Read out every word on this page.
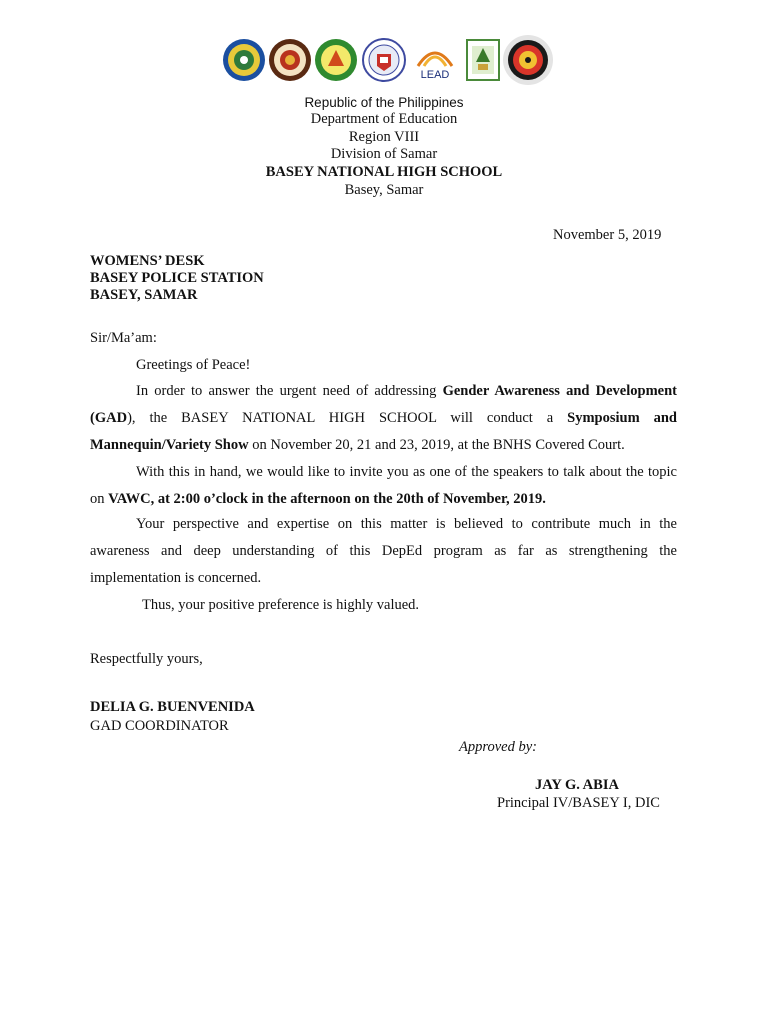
LEAD
Republic of the Philippines
Department of Education
Region VIII
Division of Samar
BASEY NATIONAL HIGH SCHOOL
Basey, Samar
November 5, 2019
WOMENS’ DESK
BASEY POLICE STATION
BASEY, SAMAR
Sir/Ma’am:
Greetings of Peace!
In order to answer the urgent need of addressing Gender Awareness and Development
(GAD), the BASEY NATIONAL HIGH SCHOOL will conduct a Symposium and
Mannequin/Variety Show on November 20, 21 and 23, 2019, at the BNHS Covered Court.
With this in hand, we would like to invite you as one of the speakers to talk about the topic
on VAWC, at 2:00 o’clock in the afternoon on the 20th of November, 2019.
Your perspective and expertise on this matter is believed to contribute much in the
awareness and deep understanding of this DepEd program as far as strengthening the
implementation is concerned.
Thus, your positive preference is highly valued.
Respectfully yours,
DELIA G. BUENVENIDA
GAD COORDINATOR
Approved by:
JAY G. ABIA
Principal IV/BASEY I, DIC
